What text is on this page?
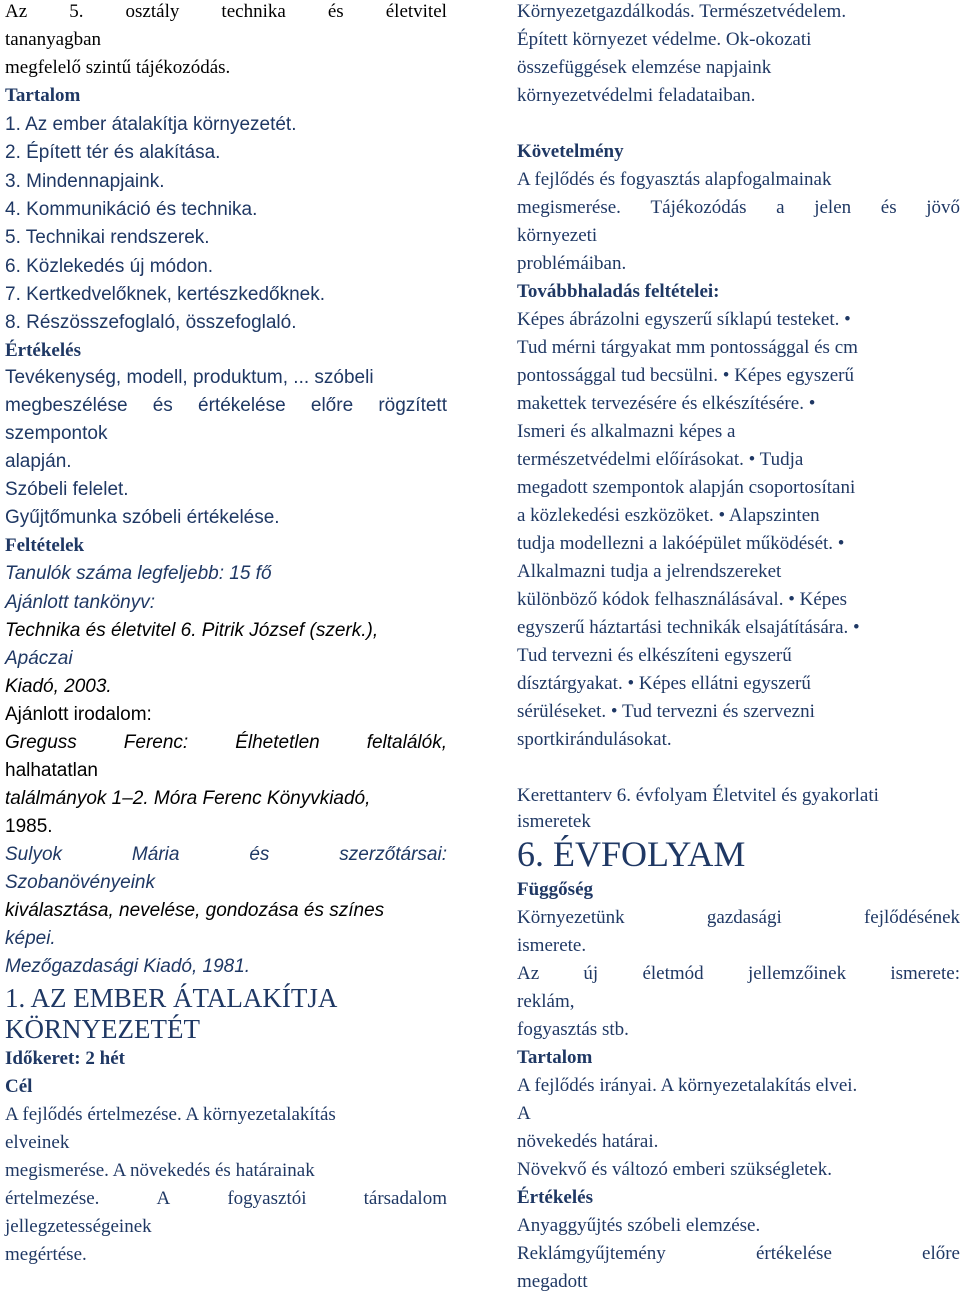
Az 5. osztály technika és életvitel
tananyagban
megfelelő szintű tájékozódás.
Tartalom
1. Az ember átalakítja környezetét.
2. Épített tér és alakítása.
3. Mindennapjaink.
4. Kommunikáció és technika.
5. Technikai rendszerek.
6. Közlekedés új módon.
7. Kertkedvelőknek, kertészkedőknek.
8. Részösszefoglaló, összefoglaló.
Értékelés
Tevékenység, modell, produktum, ... szóbeli
megbeszélése és értékelése előre rögzített
szempontok
alapján.
Szóbeli felelet.
Gyűjtőmunka szóbeli értékelése.
Feltételek
Tanulók száma legfeljebb: 15 fő
Ajánlott tankönyv:
Technika és életvitel 6. Pitrik József (szerk.),
Apáczai
Kiadó, 2003.
Ajánlott irodalom:
Greguss Ferenc: Élhetetlen feltalálók,
halhatatlan
találmányok 1–2. Móra Ferenc Könyvkiadó,
1985.
Sulyok	Mária	és	szerzőtársai:
Szobanövényeink
kiválasztása, nevelése, gondozása és színes
képei.
Mezőgazdasági Kiadó, 1981.
1. AZ EMBER ÁTALAKÍTJA
KÖRNYEZETÉT
Időkeret: 2 hét
Cél
A fejlődés értelmezése. A környezetalakítás
elveinek
megismerése. A növekedés és határainak
értelmezése.	A	fogyasztói	társadalom
jellegzetességeinek
megértése.
Környezetgazdálkodás. Természetvédelem.
Épített környezet védelme. Ok-okozati
összefüggések elemzése napjaink
környezetvédelmi feladataiban.
Követelmény
A fejlődés és fogyasztás alapfogalmainak
megismerése. Tájékozódás a jelen és jövő
környezeti
problémáiban.
Továbbhaladás feltételei:
Képes ábrázolni egyszerű síklapú testeket. •
Tud mérni tárgyakat mm pontossággal és cm
pontossággal tud becsülni. • Képes egyszerű
makettek tervezésére és elkészítésére. •
Ismeri és alkalmazni képes a
természetvédelmi előírásokat. • Tudja
megadott szempontok alapján csoportosítani
a közlekedési eszközöket. • Alapszinten
tudja modellezni a lakóépület működését. •
Alkalmazni tudja a jelrendszereket
különböző kódok felhasználásával. • Képes
egyszerű háztartási technikák elsajátítására. •
Tud tervezni és elkészíteni egyszerű
dísztárgyakat. • Képes ellátni egyszerű
sérüléseket. • Tud tervezni és szervezni
sportkirándulásokat.
Kerettanterv 6. évfolyam Életvitel és gyakorlati
ismeretek
6. ÉVFOLYAM
Függőség
Környezetünk	gazdasági	fejlődésének
ismerete.
Az új életmód jellemzőinek ismerete:
reklám,
fogyasztás stb.
Tartalom
A fejlődés irányai. A környezetalakítás elvei.
A
növekedés határai.
Növekvő és változó emberi szükségletek.
Értékelés
Anyaggyűjtés szóbeli elemzése.
Reklámgyűjtemény	értékelése	előre
megadott
